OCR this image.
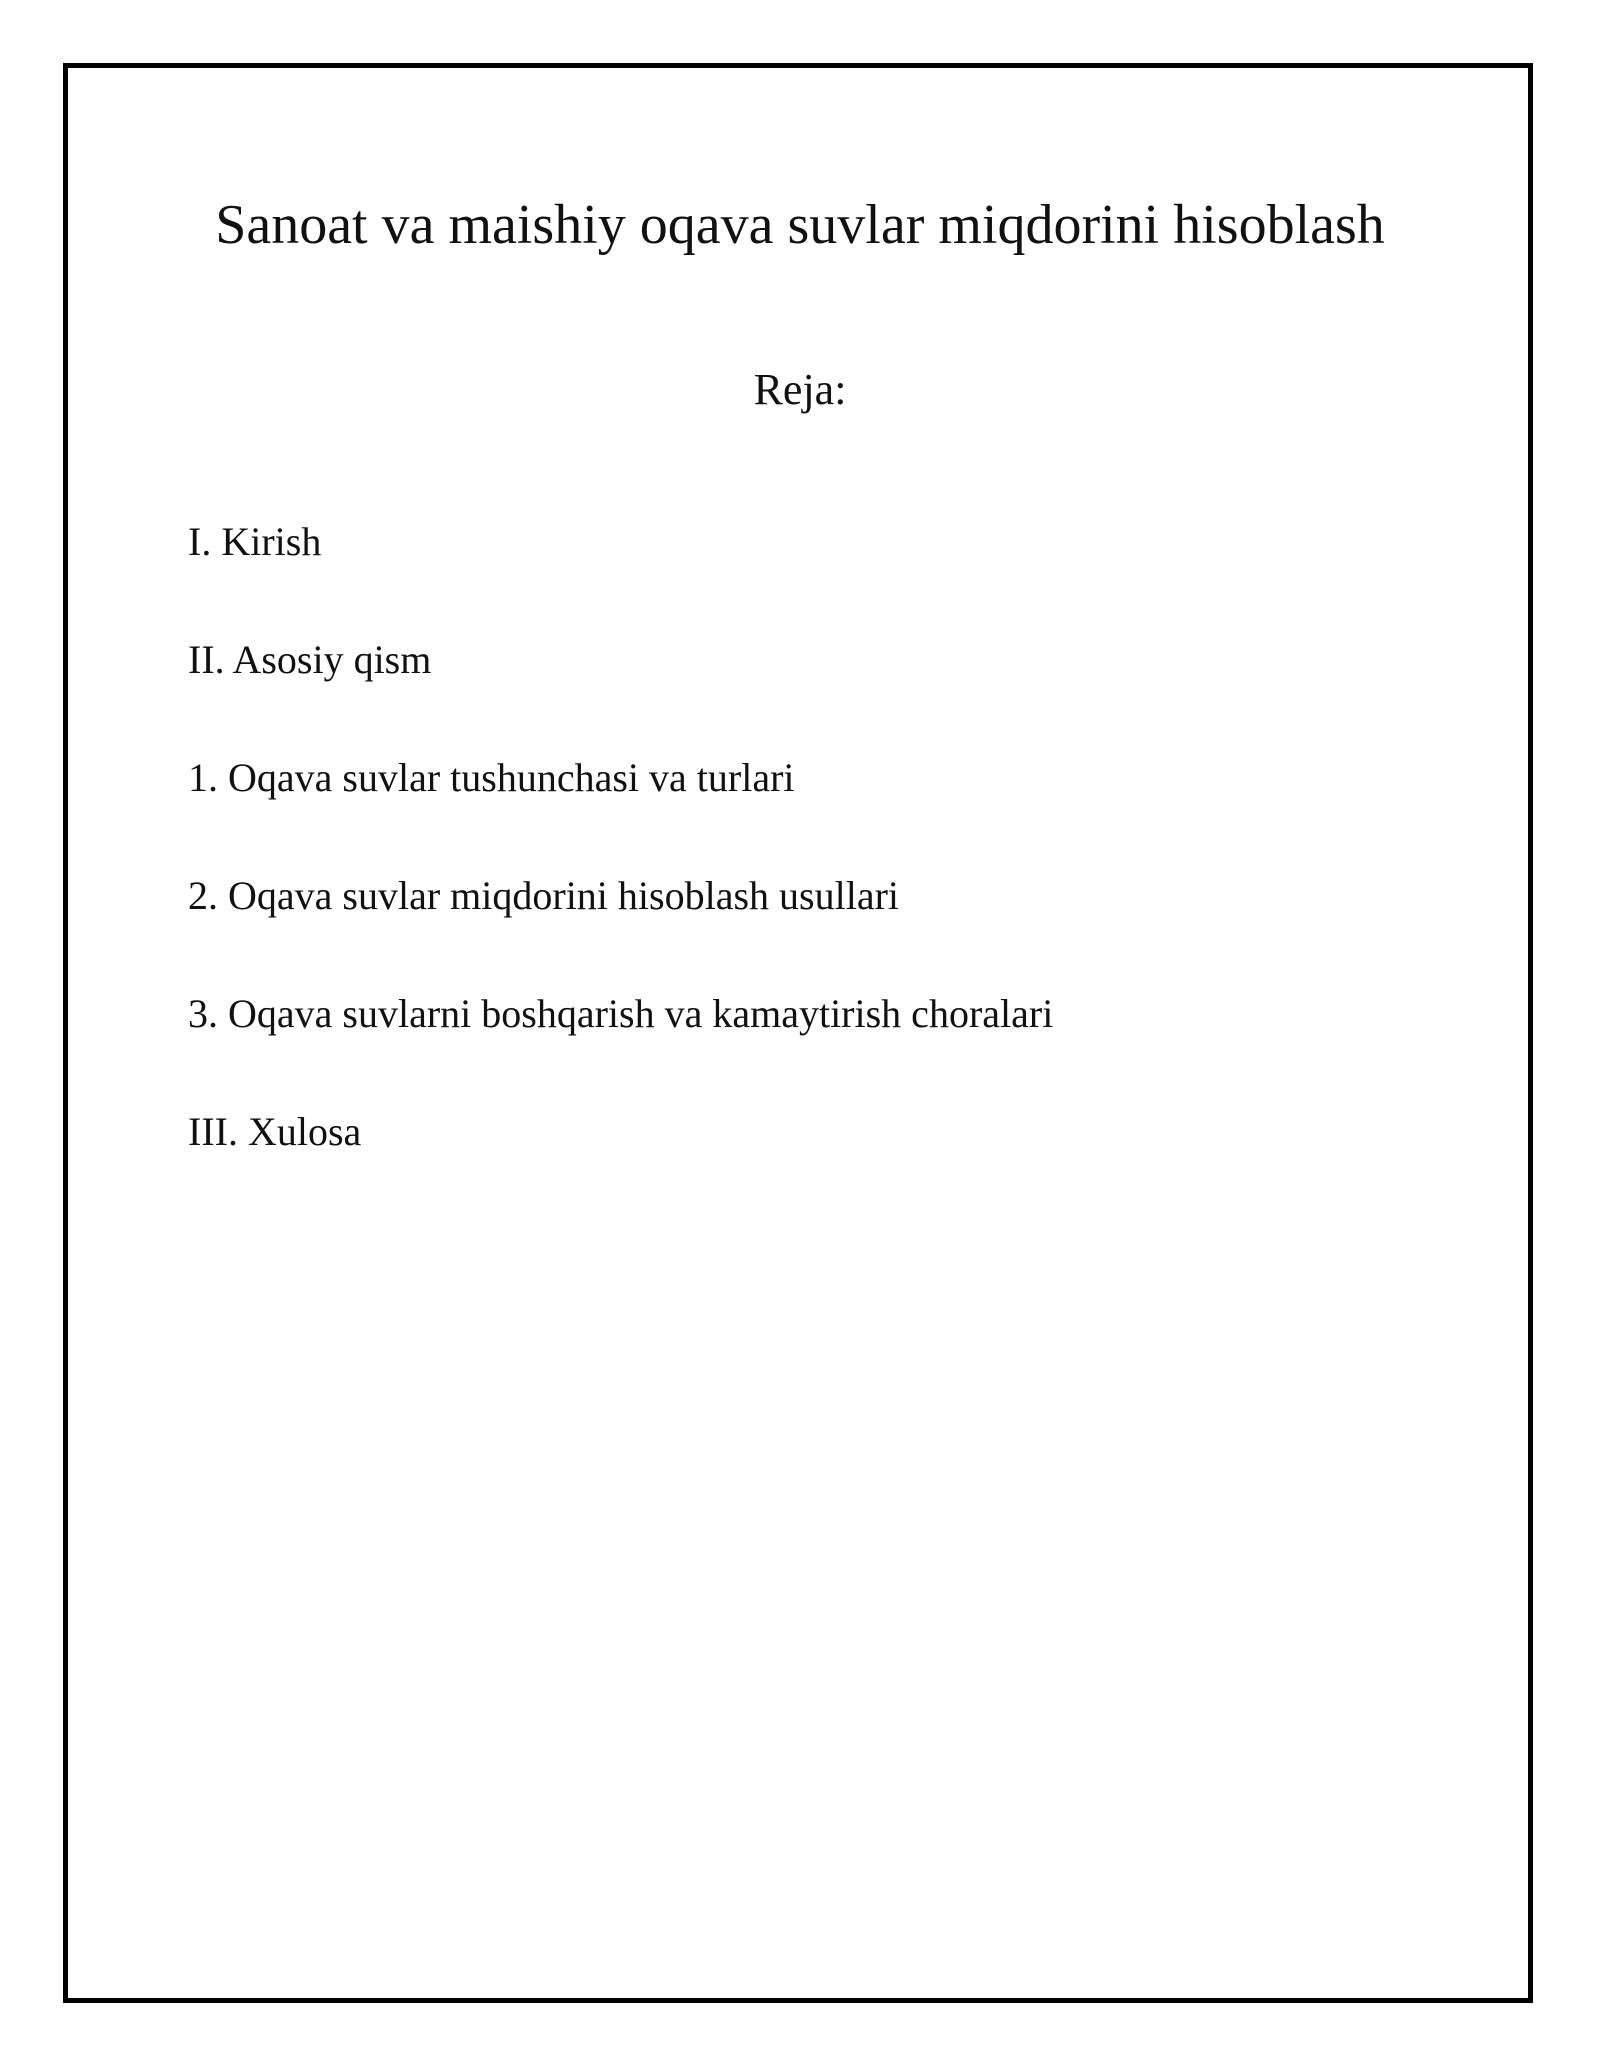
Sanoat va maishiy oqava suvlar miqdorini hisoblash
Reja:
I. Kirish
II. Asosiy qism
1. Oqava suvlar tushunchasi va turlari
2. Oqava suvlar miqdorini hisoblash usullari
3. Oqava suvlarni boshqarish va kamaytirish choralari
III. Xulosa
